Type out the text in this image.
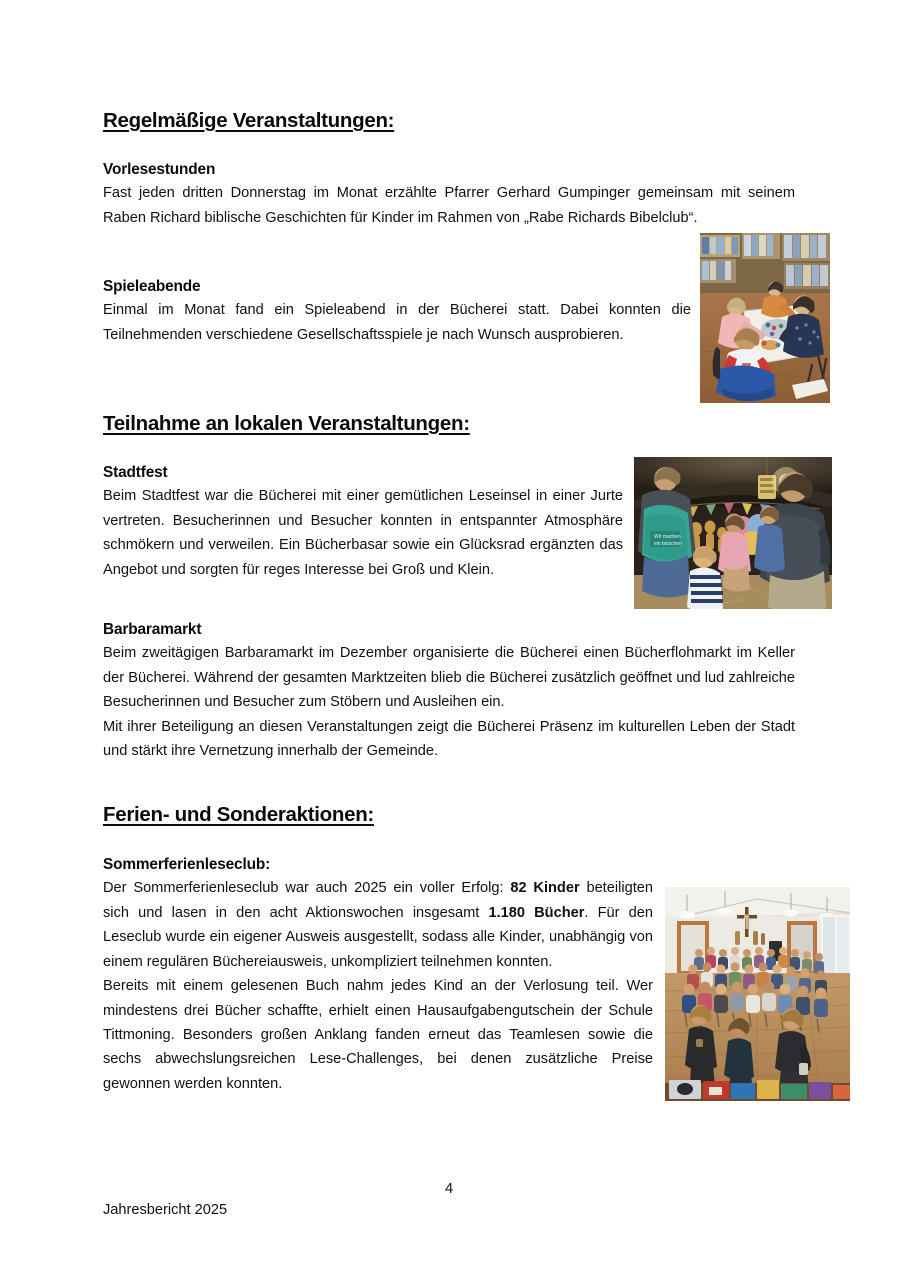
Regelmäßige Veranstaltungen:
Vorlesestunden

Fast jeden dritten Donnerstag im Monat erzählte Pfarrer Gerhard Gumpinger gemeinsam mit seinem Raben Richard biblische Geschichten für Kinder im Rahmen von „Rabe Richards Bibelclub“.

Spieleabende

Einmal im Monat fand ein Spieleabend in der Bücherei statt. Dabei konnten die Teilnehmenden verschiedene Gesellschaftsspiele je nach Wunsch ausprobieren.

Teilnahme an lokalen Veranstaltungen:
Stadtfest

Beim Stadtfest war die Bücherei mit einer gemütlichen Leseinsel in einer Jurte vertreten. Besucherinnen und Besucher konnten in entspannter Atmosphäre schmökern und verweilen. Ein Bücherbasar sowie ein Glücksrad ergänzten das Angebot und sorgten für reges Interesse bei Groß und Klein.

Barbaramarkt

Beim zweitägigen Barbaramarkt im Dezember organisierte die Bücherei einen Bücherflohmarkt im Keller der Bücherei. Während der gesamten Marktzeiten blieb die Bücherei zusätzlich geöffnet und lud zahlreiche Besucherinnen und Besucher zum Stöbern und Ausleihen ein.

Mit ihrer Beteiligung an diesen Veranstaltungen zeigt die Bücherei Präsenz im kulturellen Leben der Stadt und stärkt ihre Vernetzung innerhalb der Gemeinde.

Ferien- und Sonderaktionen:
Sommerferienleseclub:

Der Sommerferienleseclub war auch 2025 ein voller Erfolg: 82 Kinder beteiligten sich und lasen in den acht Aktionswochen insgesamt 1.180 Bücher. Für den Leseclub wurde ein eigener Ausweis ausgestellt, sodass alle Kinder, unabhängig von einem regulären Büchereiausweis, unkompliziert teilnehmen konnten.

Bereits mit einem gelesenen Buch nahm jedes Kind an der Verlosung teil. Wer mindestens drei Bücher schaffte, erhielt einen Hausaufgabengutschein der Schule Tittmoning. Besonders großen Anklang fanden erneut das Teamlesen sowie die sechs abwechslungsreichen Lese-Challenges, bei denen zusätzliche Preise gewonnen werden konnten.

4
Wir machen
ein bisschen
Jahresbericht 2025
